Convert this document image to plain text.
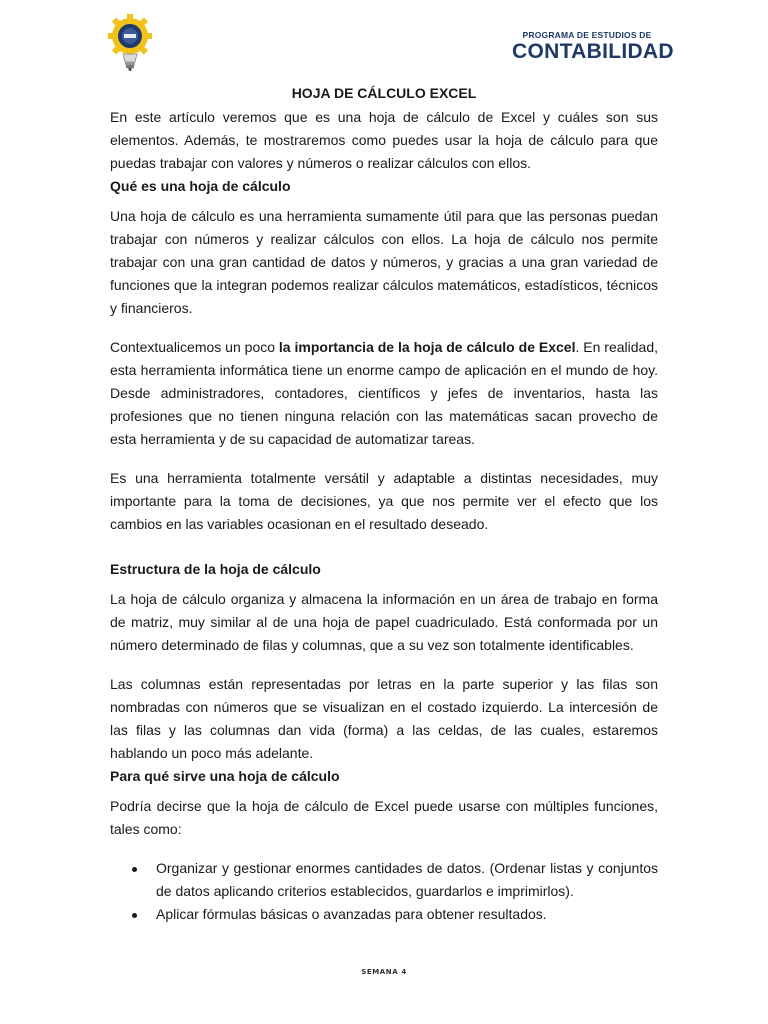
PROGRAMA DE ESTUDIOS DE
CONTABILIDAD
HOJA DE CÁLCULO EXCEL

En este artículo veremos que es una hoja de cálculo de Excel y cuáles son sus elementos. Además, te mostraremos como puedes usar la hoja de cálculo para que puedas trabajar con valores y números o realizar cálculos con ellos.

Qué es una hoja de cálculo

Una hoja de cálculo es una herramienta sumamente útil para que las personas puedan trabajar con números y realizar cálculos con ellos. La hoja de cálculo nos permite trabajar con una gran cantidad de datos y números, y gracias a una gran variedad de funciones que la integran podemos realizar cálculos matemáticos, estadísticos, técnicos y financieros.

Contextualicemos un poco la importancia de la hoja de cálculo de Excel. En realidad, esta herramienta informática tiene un enorme campo de aplicación en el mundo de hoy. Desde administradores, contadores, científicos y jefes de inventarios, hasta las profesiones que no tienen ninguna relación con las matemáticas sacan provecho de esta herramienta y de su capacidad de automatizar tareas.

Es una herramienta totalmente versátil y adaptable a distintas necesidades, muy importante para la toma de decisiones, ya que nos permite ver el efecto que los cambios en las variables ocasionan en el resultado deseado.

Estructura de la hoja de cálculo

La hoja de cálculo organiza y almacena la información en un área de trabajo en forma de matriz, muy similar al de una hoja de papel cuadriculado. Está conformada por un número determinado de filas y columnas, que a su vez son totalmente identificables.

Las columnas están representadas por letras en la parte superior y las filas son nombradas con números que se visualizan en el costado izquierdo. La intercesión de las filas y las columnas dan vida (forma) a las celdas, de las cuales, estaremos hablando un poco más adelante.

Para qué sirve una hoja de cálculo

Podría decirse que la hoja de cálculo de Excel puede usarse con múltiples funciones, tales como:

Organizar y gestionar enormes cantidades de datos. (Ordenar listas y conjuntos de datos aplicando criterios establecidos, guardarlos e imprimirlos).
Aplicar fórmulas básicas o avanzadas para obtener resultados.
SEMANA 4
